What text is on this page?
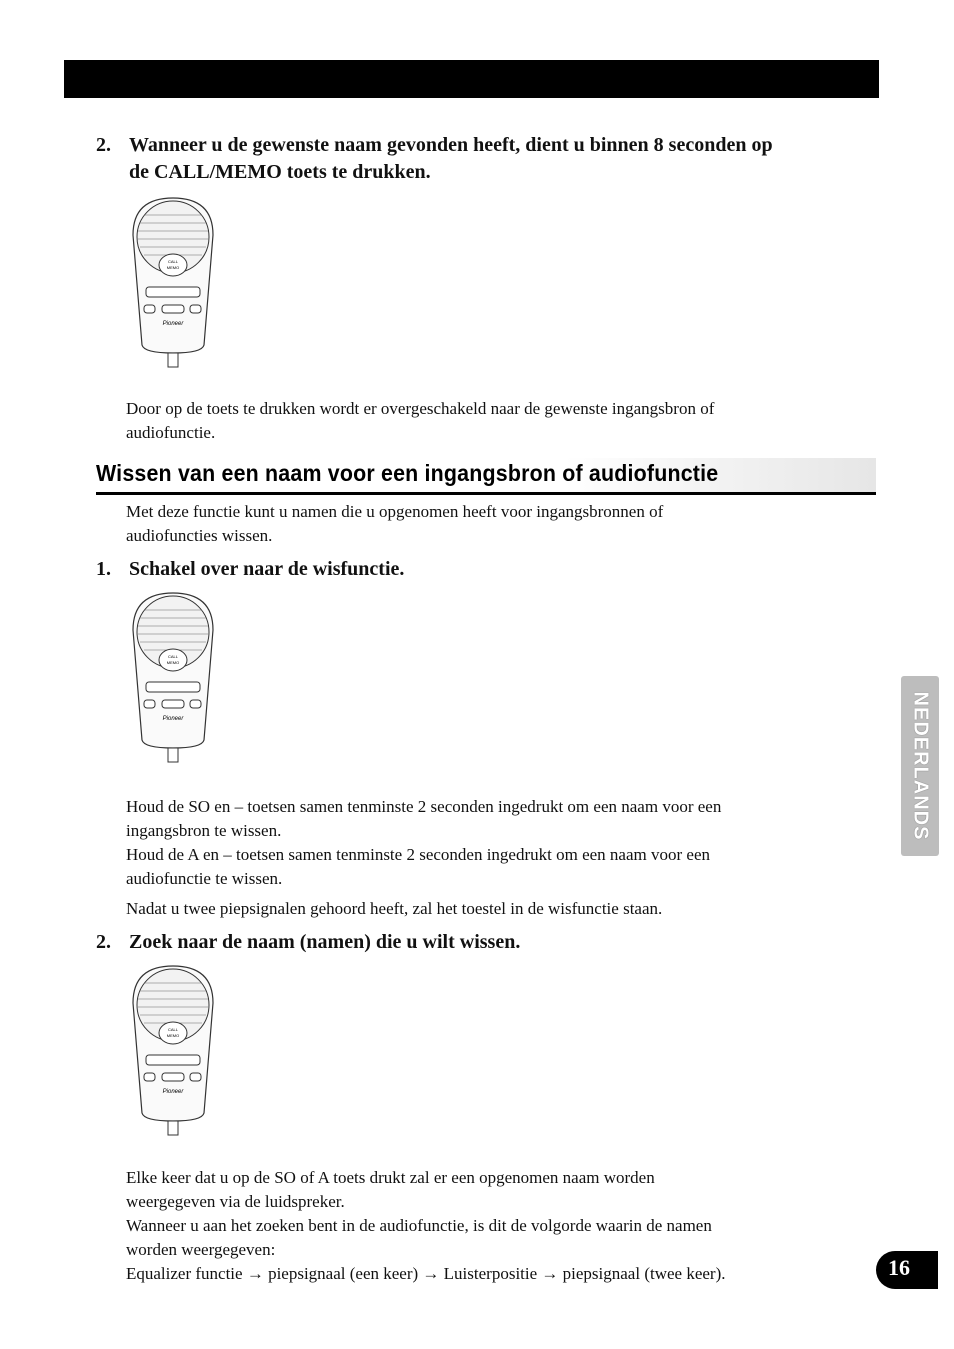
2. Wanneer u de gewenste naam gevonden heeft, dient u binnen 8 seconden op
de CALL/MEMO toets te drukken.
CALL
MEMO
Pioneer
Door op de toets te drukken wordt er overgeschakeld naar de gewenste ingangsbron of
audiofunctie.
Wissen van een naam voor een ingangsbron of audiofunctie
Met deze functie kunt u namen die u opgenomen heeft voor ingangsbronnen of
audiofuncties wissen.
1. Schakel over naar de wisfunctie.
CALL
MEMO
Pioneer
Houd de SO en – toetsen samen tenminste 2 seconden ingedrukt om een naam voor een
ingangsbron te wissen.
Houd de A en – toetsen samen tenminste 2 seconden ingedrukt om een naam voor een
audiofunctie te wissen.
Nadat u twee piepsignalen gehoord heeft, zal het toestel in de wisfunctie staan.
2. Zoek naar de naam (namen) die u wilt wissen.
CALL
MEMO
Pioneer
Elke keer dat u op de SO of A toets drukt zal er een opgenomen naam worden
weergegeven via de luidspreker.
Wanneer u aan het zoeken bent in de audiofunctie, is dit de volgorde waarin de namen
worden weergegeven:
Equalizer functie → piepsignaal (een keer) → Luisterpositie → piepsignaal (twee keer).
NEDERLANDS
16
